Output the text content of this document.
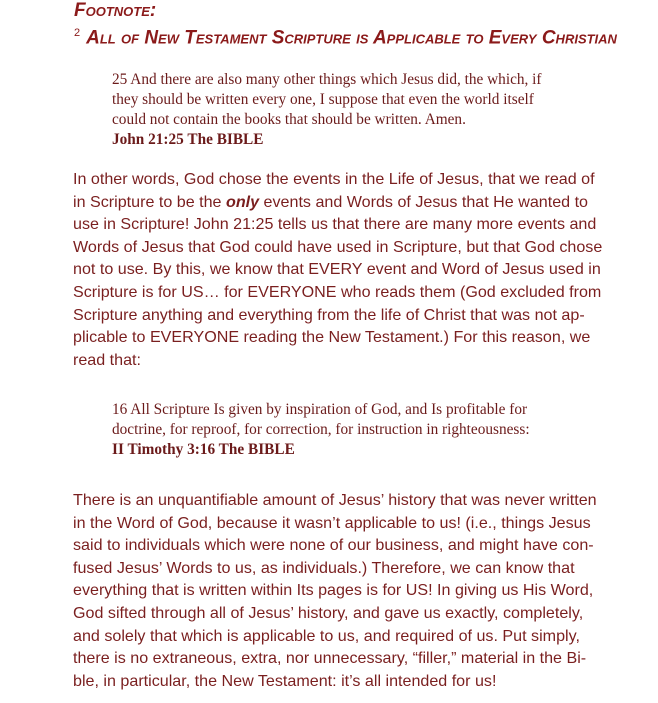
Footnote:
$^2$ All of New Testament Scripture is Applicable to Every Christian
25 And there are also many other things which Jesus did, the which, if
they should be written every one, I suppose that even the world itself
could not contain the books that should be written. Amen.
John 21:25 The BIBLE
In other words, God chose the events in the Life of Jesus, that we read of
in Scripture to be the only events and Words of Jesus that He wanted to
use in Scripture! John 21:25 tells us that there are many more events and
Words of Jesus that God could have used in Scripture, but that God chose
not to use. By this, we know that EVERY event and Word of Jesus used in
Scripture is for US… for EVERYONE who reads them (God excluded from
Scripture anything and everything from the life of Christ that was not ap-
plicable to EVERYONE reading the New Testament.) For this reason, we
read that:
16 All Scripture Is given by inspiration of God, and Is profitable for
doctrine, for reproof, for correction, for instruction in righteousness:
II Timothy 3:16 The BIBLE
There is an unquantifiable amount of Jesus’ history that was never written
in the Word of God, because it wasn’t applicable to us! (i.e., things Jesus
said to individuals which were none of our business, and might have con-
fused Jesus’ Words to us, as individuals.) Therefore, we can know that
everything that is written within Its pages is for US! In giving us His Word,
God sifted through all of Jesus’ history, and gave us exactly, completely,
and solely that which is applicable to us, and required of us. Put simply,
there is no extraneous, extra, nor unnecessary, “filler,” material in the Bi-
ble, in particular, the New Testament: it’s all intended for us!
